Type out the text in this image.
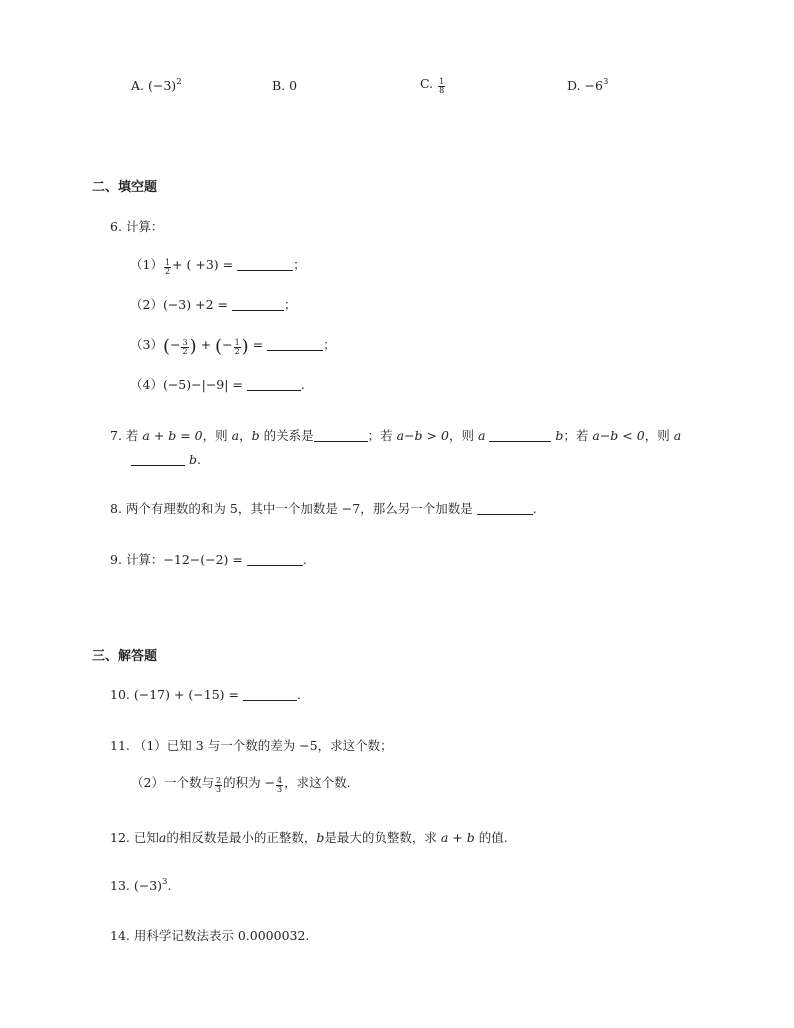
A. $(-3)^2$	B. 0	C. $\frac{1}{8}$	D. $-6^3$
二、填空题
6. 计算：
$(1) \frac{1}{2}$ + ( +3) =	；
（2）(−3) +2 =	；
$(3)(- \frac{3}{2}$ ) + (− $\frac{1}{2}$ ) =	；
（4）(−5)−|−9| =	.
7. 若 a + b = 0，则 a，b 的关系是	；若 a−b > 0，则 a	b；若 a−b < 0，则 a
b.
8. 两个有理数的和为 5，其中一个加数是 −7，那么另一个加数是	.
9. 计算：−12−(−2) =	.
三、解答题
10. (−17) + (−15) =	.
11. （1）已知 3 与一个数的差为 −5，求这个数；
（2）一个数与 $\frac{2}{3}$ 的积为 − $\frac{4}{3}$ ，求这个数.
12. 已知a的相反数是最小的正整数，b是最大的负整数，求 a + b 的值.
13. $(-3)^3$.
14. 用科学记数法表示 0.0000032.
